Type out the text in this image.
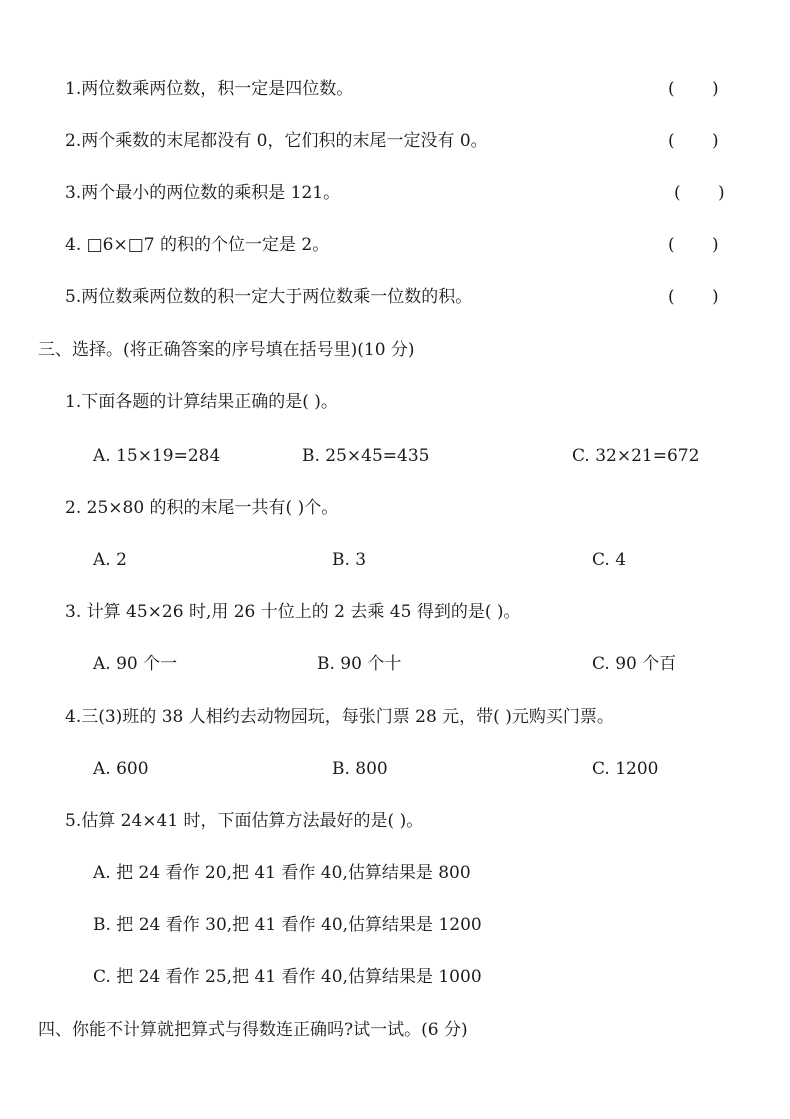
1.两位数乘两位数，积一定是四位数。	( )
2.两个乘数的末尾都没有 0，它们积的末尾一定没有 0。	( )
3.两个最小的两位数的乘积是 121。	( )
4. □6×□7 的积的个位一定是 2。	( )
5.两位数乘两位数的积一定大于两位数乘一位数的积。	( )
三、选择。(将正确答案的序号填在括号里)(10 分)
1.下面各题的计算结果正确的是( )。
A. 15×19=284	B. 25×45=435	C. 32×21=672
2. 25×80 的积的末尾一共有( )个。
A. 2	B. 3	C. 4
3. 计算 45×26 时,用 26 十位上的 2 去乘 45 得到的是( )。
A. 90 个一	B. 90 个十	C. 90 个百
4.三(3)班的 38 人相约去动物园玩，每张门票 28 元，带( )元购买门票。
A. 600	B. 800	C. 1200
5.估算 24×41 时，下面估算方法最好的是( )。
A. 把 24 看作 20,把 41 看作 40,估算结果是 800
B. 把 24 看作 30,把 41 看作 40,估算结果是 1200
C. 把 24 看作 25,把 41 看作 40,估算结果是 1000
四、你能不计算就把算式与得数连正确吗?试一试。(6 分)
